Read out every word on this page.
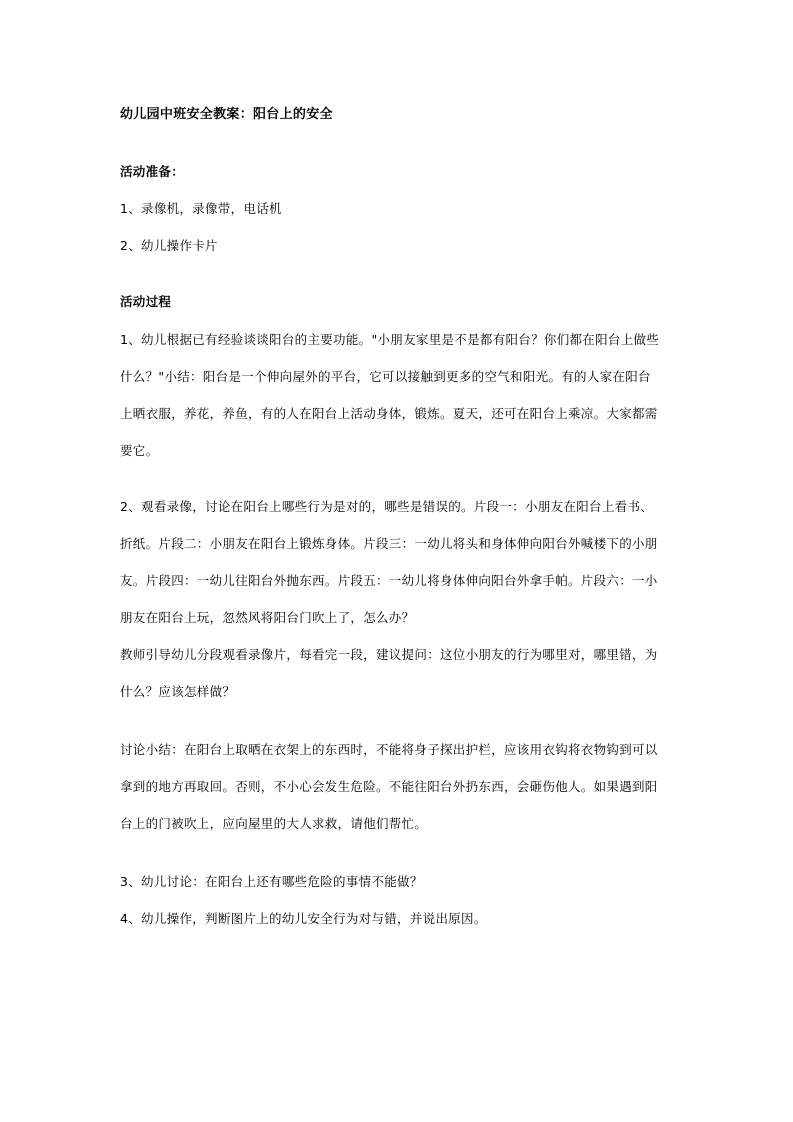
幼儿园中班安全教案：阳台上的安全
活动准备：
1、录像机，录像带，电话机
2、幼儿操作卡片
活动过程
1、幼儿根据已有经验谈谈阳台的主要功能。"小朋友家里是不是都有阳台？你们都在阳台上做些
什么？"小结：阳台是一个伸向屋外的平台，它可以接触到更多的空气和阳光。有的人家在阳台
上晒衣服，养花，养鱼，有的人在阳台上活动身体，锻炼。夏天，还可在阳台上乘凉。大家都需
要它。
2、观看录像，讨论在阳台上哪些行为是对的，哪些是错误的。片段一：小朋友在阳台上看书、
折纸。片段二：小朋友在阳台上锻炼身体。片段三：一幼儿将头和身体伸向阳台外喊楼下的小朋
友。片段四：一幼儿往阳台外抛东西。片段五：一幼儿将身体伸向阳台外拿手帕。片段六：一小
朋友在阳台上玩，忽然风将阳台门吹上了，怎么办？
教师引导幼儿分段观看录像片，每看完一段，建议提问：这位小朋友的行为哪里对，哪里错，为
什么？应该怎样做？
讨论小结：在阳台上取晒在衣架上的东西时，不能将身子探出护栏，应该用衣钩将衣物钩到可以
拿到的地方再取回。否则，不小心会发生危险。不能往阳台外扔东西，会砸伤他人。如果遇到阳
台上的门被吹上，应向屋里的大人求救，请他们帮忙。
3、幼儿讨论：在阳台上还有哪些危险的事情不能做？
4、幼儿操作，判断图片上的幼儿安全行为对与错，并说出原因。
